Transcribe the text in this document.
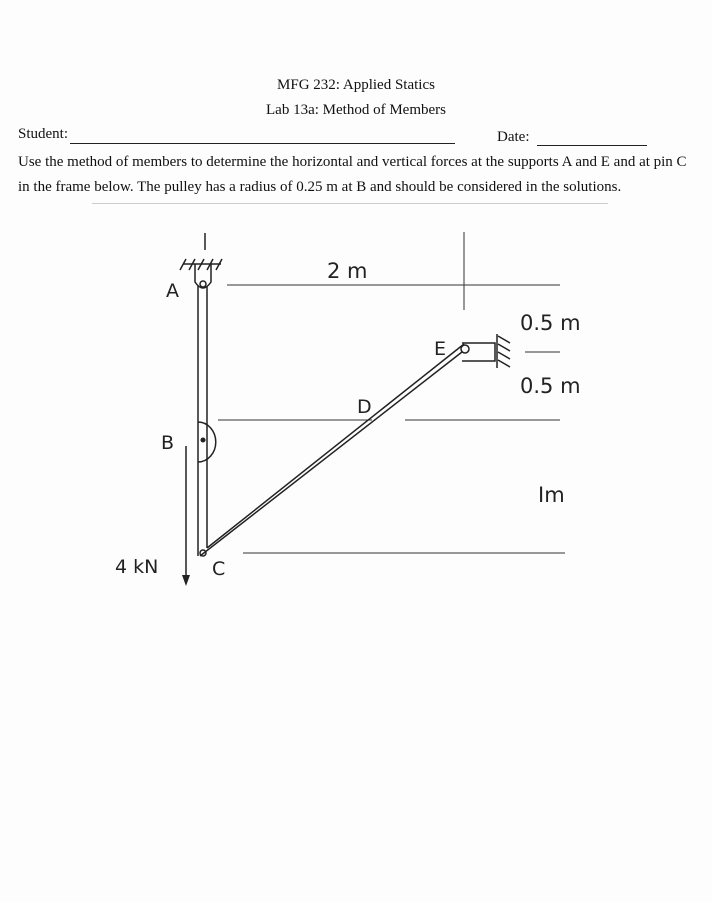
MFG 232: Applied Statics
Lab 13a: Method of Members
Student:	Date:
Use the method of members to determine the horizontal and vertical forces at the supports A and E and at pin C
in the frame below. The pulley has a radius of 0.25 m at B and should be considered in the solutions.
A
B
C
D
E
2 m
0.5 m
0.5 m
Im
4 kN
